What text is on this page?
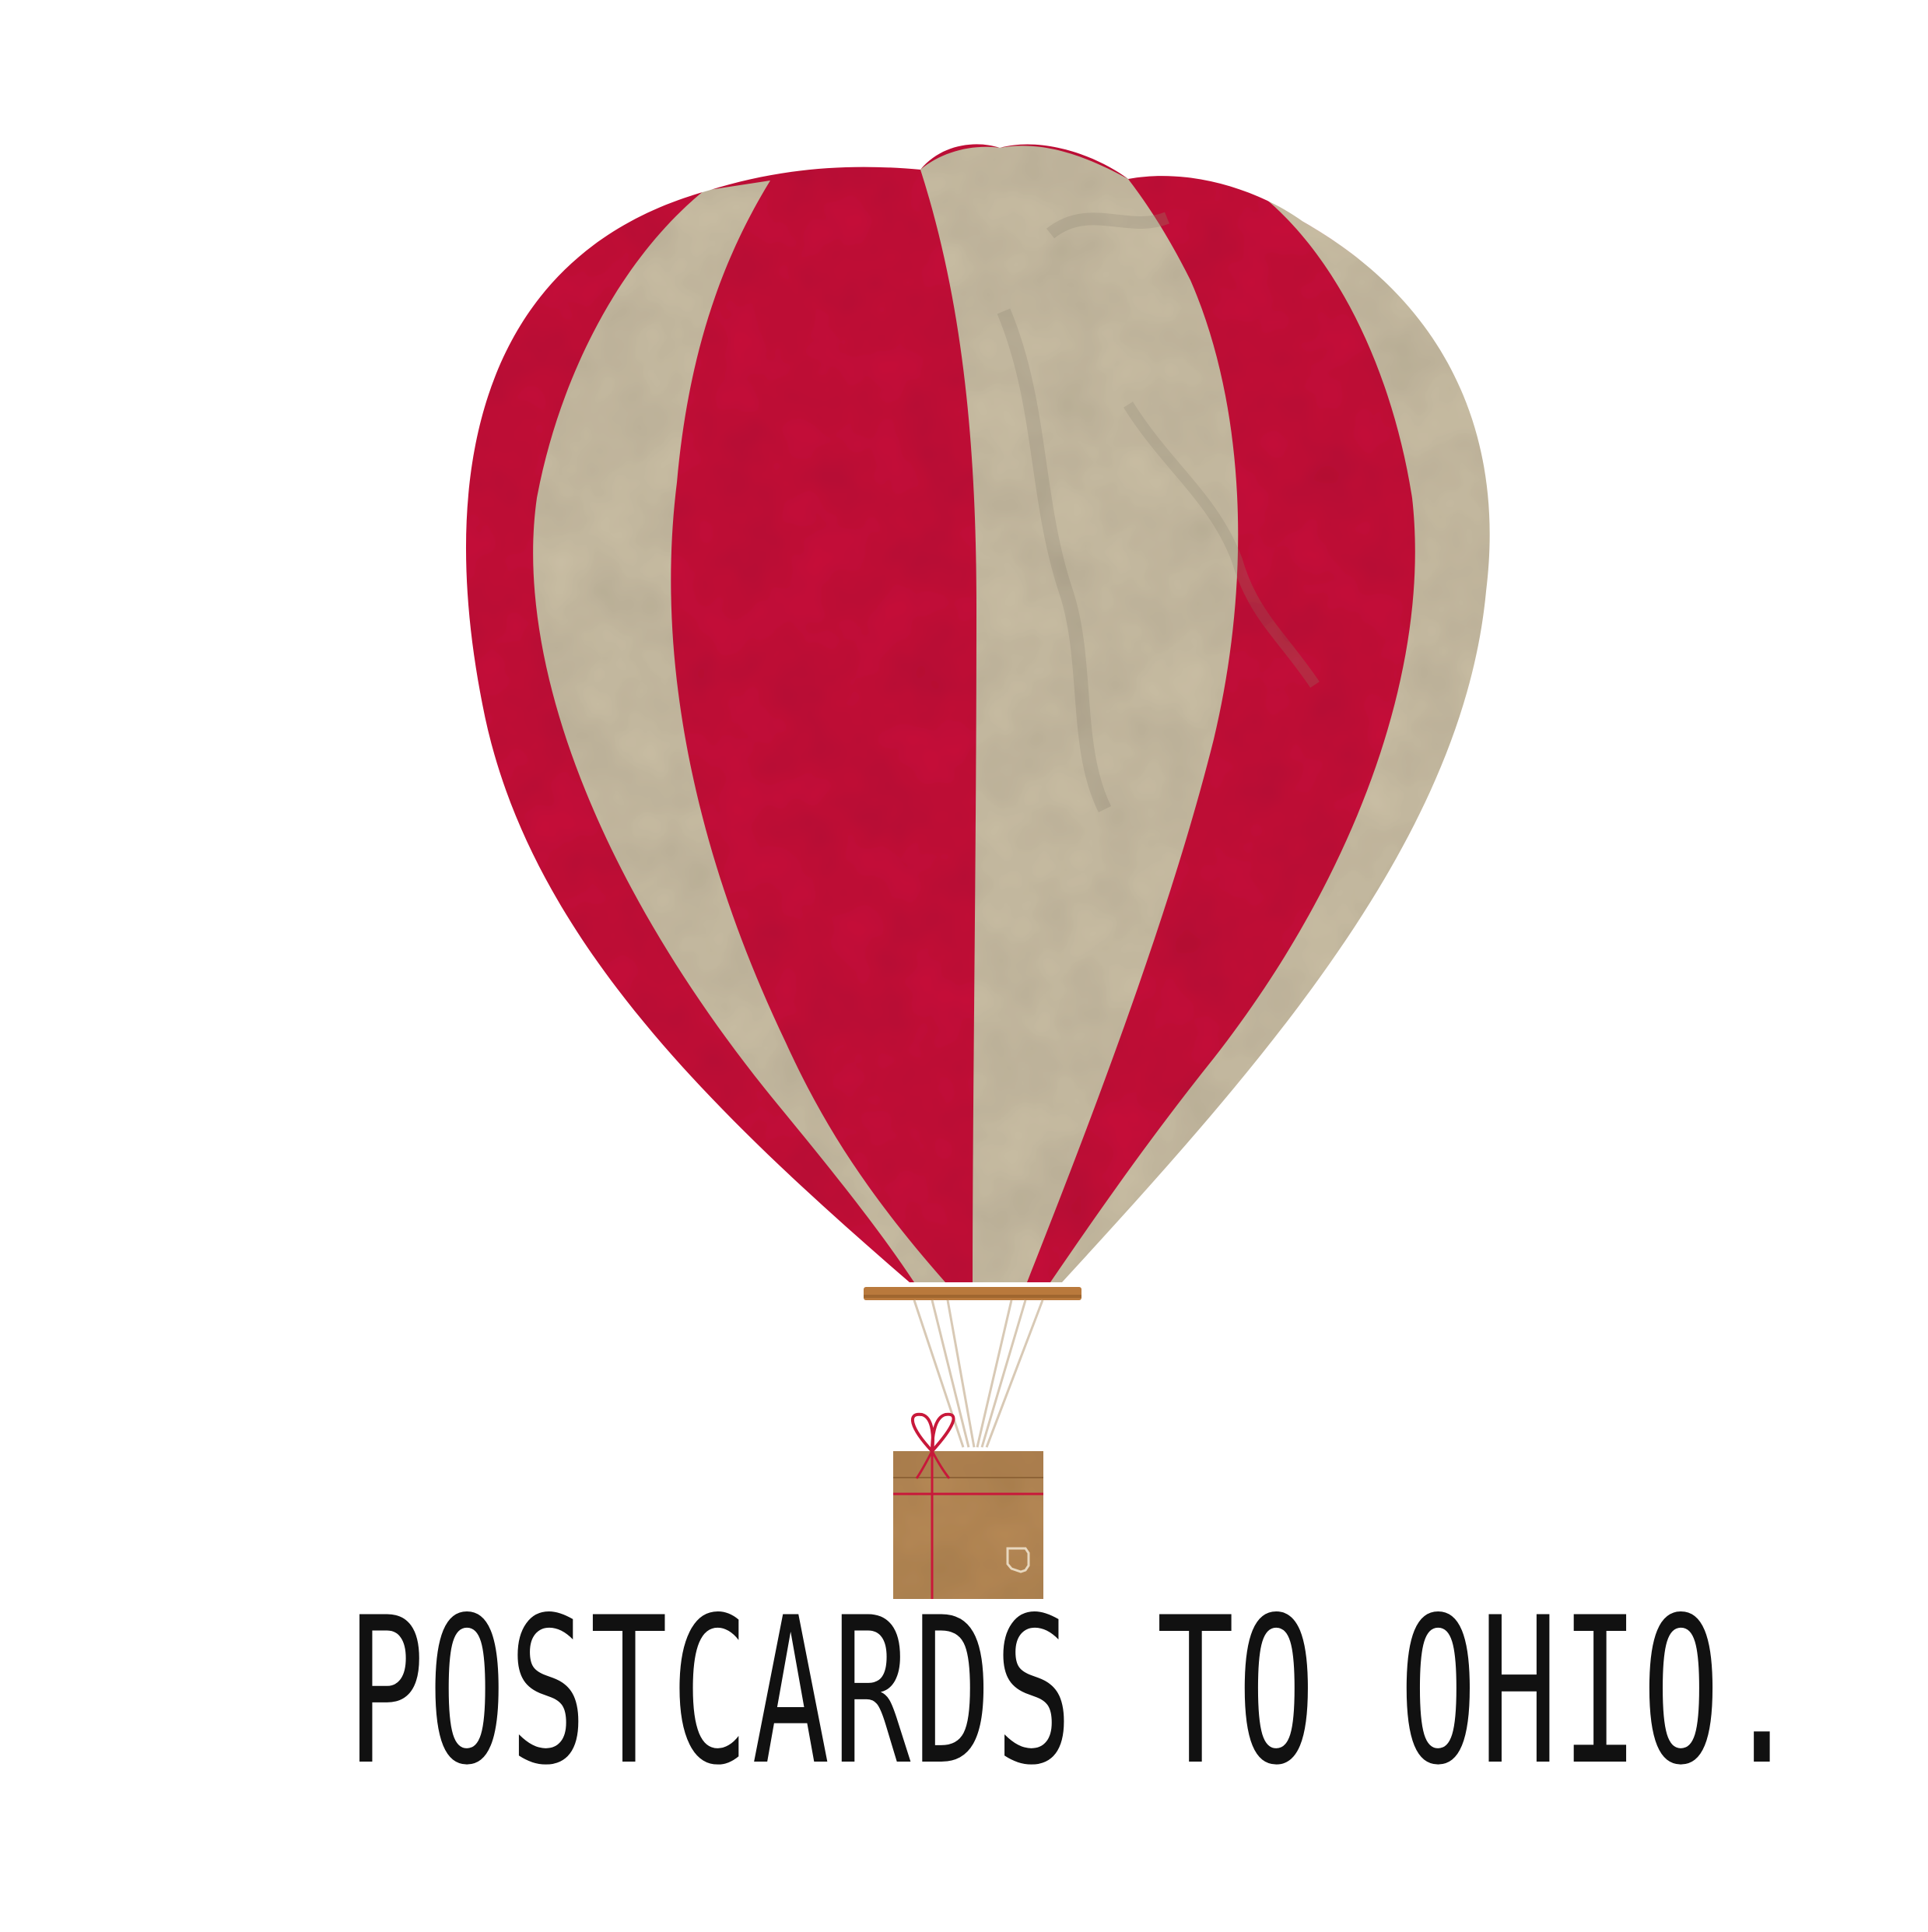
POSTCARDS TO OHIO.
